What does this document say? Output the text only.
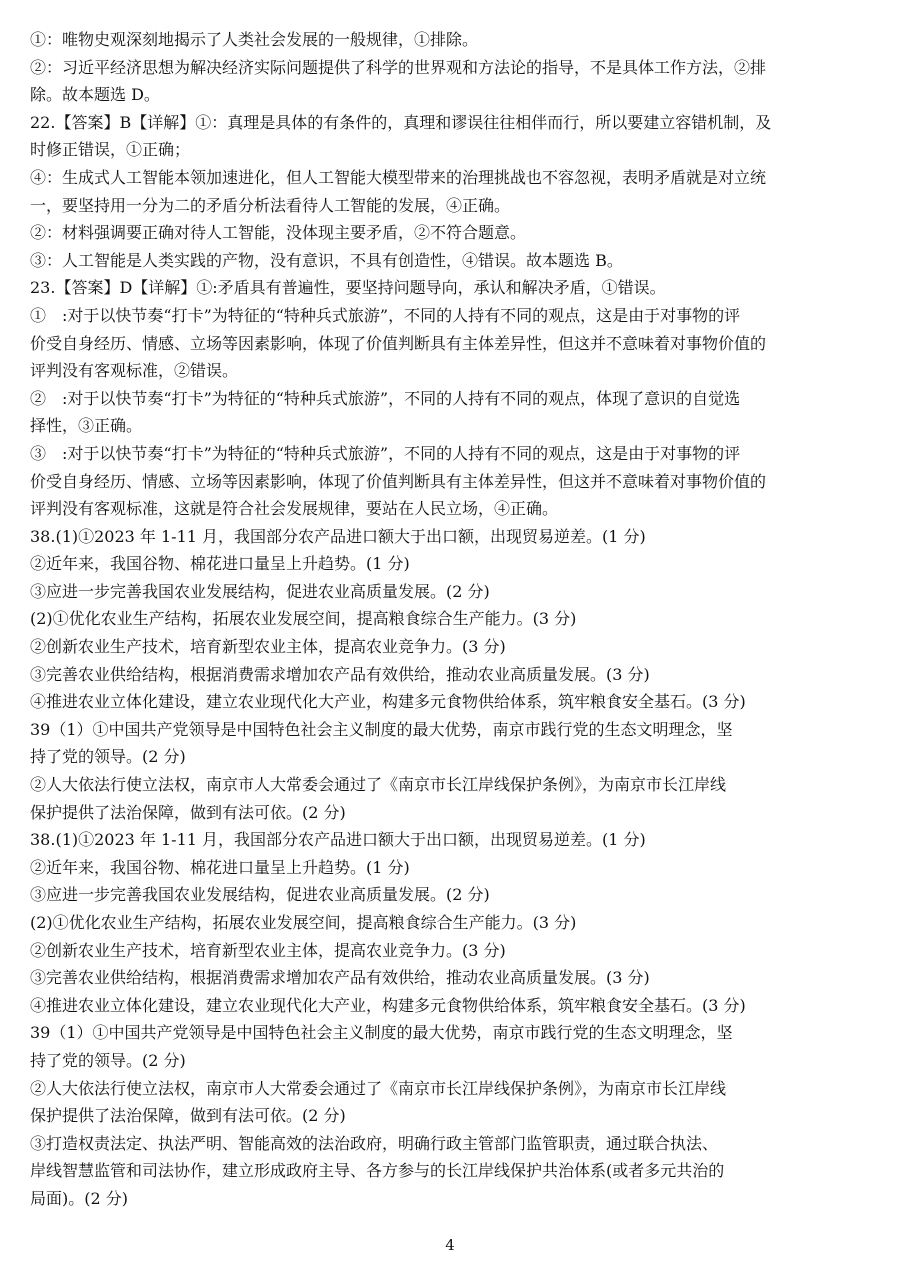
①：唯物史观深刻地揭示了人类社会发展的一般规律，①排除。
②：习近平经济思想为解决经济实际问题提供了科学的世界观和方法论的指导，不是具体工作方法，②排
除。故本题选 D。
22.【答案】B【详解】①：真理是具体的有条件的，真理和谬误往往相伴而行，所以要建立容错机制，及
时修正错误，①正确；
④：生成式人工智能本领加速进化，但人工智能大模型带来的治理挑战也不容忽视，表明矛盾就是对立统
一，要坚持用一分为二的矛盾分析法看待人工智能的发展，④正确。
②：材料强调要正确对待人工智能，没体现主要矛盾，②不符合题意。
③：人工智能是人类实践的产物，没有意识，不具有创造性，④错误。故本题选 B。
23.【答案】D【详解】①:矛盾具有普遍性，要坚持问题导向，承认和解决矛盾，①错误。
①　:对于以快节奏“打卡”为特征的“特种兵式旅游”，不同的人持有不同的观点，这是由于对事物的评
价受自身经历、情感、立场等因素影响，体现了价值判断具有主体差异性，但这并不意味着对事物价值的
评判没有客观标准，②错误。
②　:对于以快节奏“打卡”为特征的“特种兵式旅游”，不同的人持有不同的观点，体现了意识的自觉选
择性，③正确。
③　:对于以快节奏“打卡”为特征的“特种兵式旅游”，不同的人持有不同的观点，这是由于对事物的评
价受自身经历、情感、立场等因素影响，体现了价值判断具有主体差异性，但这并不意味着对事物价值的
评判没有客观标准，这就是符合社会发展规律，要站在人民立场，④正确。
38.(1)①2023 年 1-11 月，我国部分农产品进口额大于出口额，出现贸易逆差。(1 分)
②近年来，我国谷物、棉花进口量呈上升趋势。(1 分)
③应进一步完善我国农业发展结构，促进农业高质量发展。(2 分)
(2)①优化农业生产结构，拓展农业发展空间，提高粮食综合生产能力。(3 分)
②创新农业生产技术，培育新型农业主体，提高农业竞争力。(3 分)
③完善农业供给结构，根据消费需求增加农产品有效供给，推动农业高质量发展。(3 分)
④推进农业立体化建设，建立农业现代化大产业，构建多元食物供给体系，筑牢粮食安全基石。(3 分)
39（1）①中国共产党领导是中国特色社会主义制度的最大优势，南京市践行党的生态文明理念，坚
持了党的领导。(2 分)
②人大依法行使立法权，南京市人大常委会通过了《南京市长江岸线保护条例》，为南京市长江岸线
保护提供了法治保障，做到有法可依。(2 分)
38.(1)①2023 年 1-11 月，我国部分农产品进口额大于出口额，出现贸易逆差。(1 分)
②近年来，我国谷物、棉花进口量呈上升趋势。(1 分)
③应进一步完善我国农业发展结构，促进农业高质量发展。(2 分)
(2)①优化农业生产结构，拓展农业发展空间，提高粮食综合生产能力。(3 分)
②创新农业生产技术，培育新型农业主体，提高农业竞争力。(3 分)
③完善农业供给结构，根据消费需求增加农产品有效供给，推动农业高质量发展。(3 分)
④推进农业立体化建设，建立农业现代化大产业，构建多元食物供给体系，筑牢粮食安全基石。(3 分)
39（1）①中国共产党领导是中国特色社会主义制度的最大优势，南京市践行党的生态文明理念，坚
持了党的领导。(2 分)
②人大依法行使立法权，南京市人大常委会通过了《南京市长江岸线保护条例》，为南京市长江岸线
保护提供了法治保障，做到有法可依。(2 分)
③打造权责法定、执法严明、智能高效的法治政府，明确行政主管部门监管职责，通过联合执法、
岸线智慧监管和司法协作，建立形成政府主导、各方参与的长江岸线保护共治体系(或者多元共治的
局面)。(2 分)
4
